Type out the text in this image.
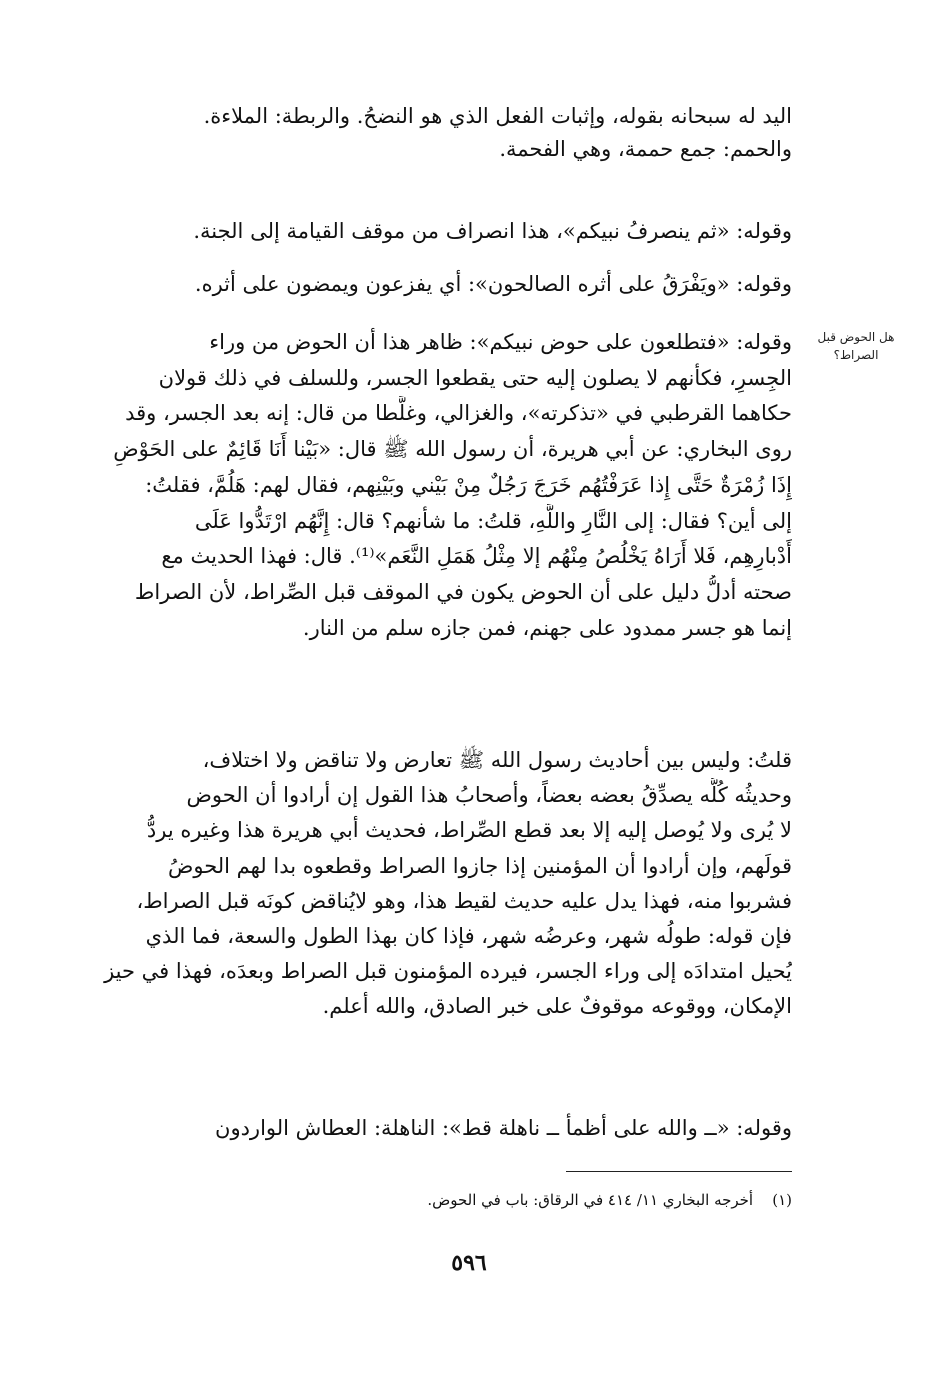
هل الحوض قبل
الصراط؟
اليد له سبحانه بقوله، وإثبات الفعل الذي هو النضحُ. والربطة: الملاءة.
والحمم: جمع حممة، وهي الفحمة.
وقوله: «ثم ينصرفُ نبيكم»، هذا انصراف من موقف القيامة إلى الجنة.
وقوله: «ويَفْرَقُ على أثره الصالحون»: أي يفزعون ويمضون على أثره.
وقوله: «فتطلعون على حوض نبيكم»: ظاهر هذا أن الحوض من وراء
الجِسرِ، فكأنهم لا يصلون إليه حتى يقطعوا الجسر، وللسلف في ذلك قولان
حكاهما القرطبي في «تذكرته»، والغزالي، وغلَّطا من قال: إنه بعد الجسر، وقد
روى البخاري: عن أبي هريرة، أن رسول الله ﷺ قال: «بَيْنا أَنَا قَائِمٌ على الحَوْضِ
إِذَا زُمْرَةٌ حَتَّى إِذا عَرَفْتُهُم خَرَجَ رَجُلٌ مِنْ بَيْني وبَيْنِهم، فقال لهم: هَلُمَّ، فقلتُ:
إلى أين؟ فقال: إلى النَّارِ واللَّهِ، قلتُ: ما شأنهم؟ قال: إِنَّهُم ارْتَدُّوا عَلَى
أَدْبارِهِم، فَلا أَرَاهُ يَخْلُصُ مِنْهُم إلا مِثْلُ هَمَلِ النَّعَم»⁽¹⁾. قال: فهذا الحديث مع
صحته أدلُّ دليل على أن الحوض يكون في الموقف قبل الصِّراط، لأن الصراط
إنما هو جسر ممدود على جهنم، فمن جازه سلم من النار.
قلتُ: وليس بين أحاديث رسول الله ﷺ تعارض ولا تناقض ولا اختلاف،
وحديثُه كُلُّه يصدِّقُ بعضه بعضاً، وأصحابُ هذا القول إن أرادوا أن الحوض
لا يُرى ولا يُوصل إليه إلا بعد قطع الصِّراط، فحديث أبي هريرة هذا وغيره يردُّ
قولَهم، وإن أرادوا أن المؤمنين إذا جازوا الصراط وقطعوه بدا لهم الحوضُ
فشربوا منه، فهذا يدل عليه حديث لقيط هذا، وهو لايُناقض كونَه قبل الصراط،
فإن قوله: طولُه شهر، وعرضُه شهر، فإذا كان بهذا الطول والسعة، فما الذي
يُحيل امتدادَه إلى وراء الجسر، فيرده المؤمنون قبل الصراط وبعدَه، فهذا في حيز
الإمكان، ووقوعه موقوفٌ على خبر الصادق، والله أعلم.
وقوله: «ــ والله على أظمأ ــ ناهلة قط»: الناهلة: العطاش الواردون
(١)    أخرجه البخاري ١١/ ٤١٤ في الرقاق: باب في الحوض.
٥٩٦
